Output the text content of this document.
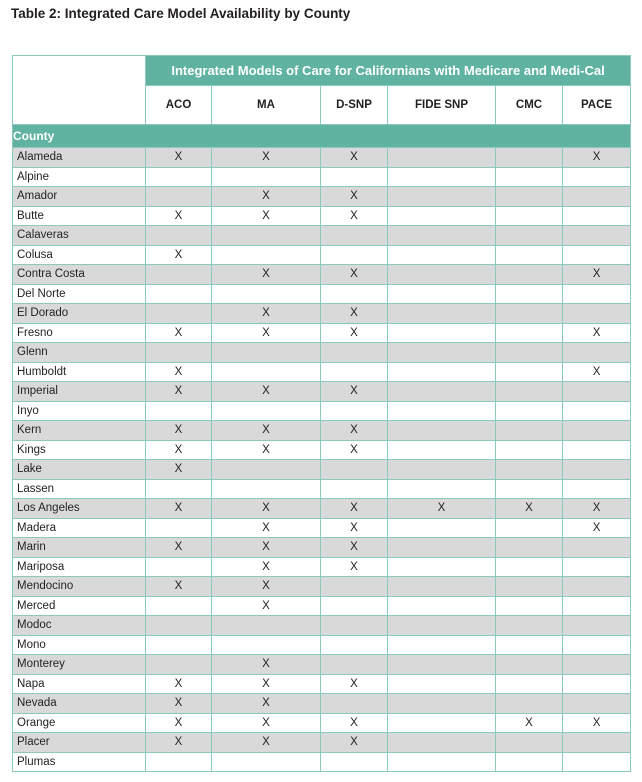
Table 2: Integrated Care Model Availability by County
	Integrated Models of Care for Californians with Medicare and Medi-Cal					
	ACO	MA	D-SNP	FIDE SNP	CMC	PACE
County						
Alameda	X	X	X			X
Alpine						
Amador		X	X			
Butte	X	X	X			
Calaveras						
Colusa	X					
Contra Costa		X	X			X
Del Norte						
El Dorado		X	X			
Fresno	X	X	X			X
Glenn						
Humboldt	X					X
Imperial	X	X	X			
Inyo						
Kern	X	X	X			
Kings	X	X	X			
Lake	X					
Lassen						
Los Angeles	X	X	X	X	X	X
Madera		X	X			X
Marin	X	X	X			
Mariposa		X	X			
Mendocino	X	X				
Merced		X				
Modoc						
Mono						
Monterey		X				
Napa	X	X	X			
Nevada	X	X				
Orange	X	X	X		X	X
Placer	X	X	X			
Plumas						
